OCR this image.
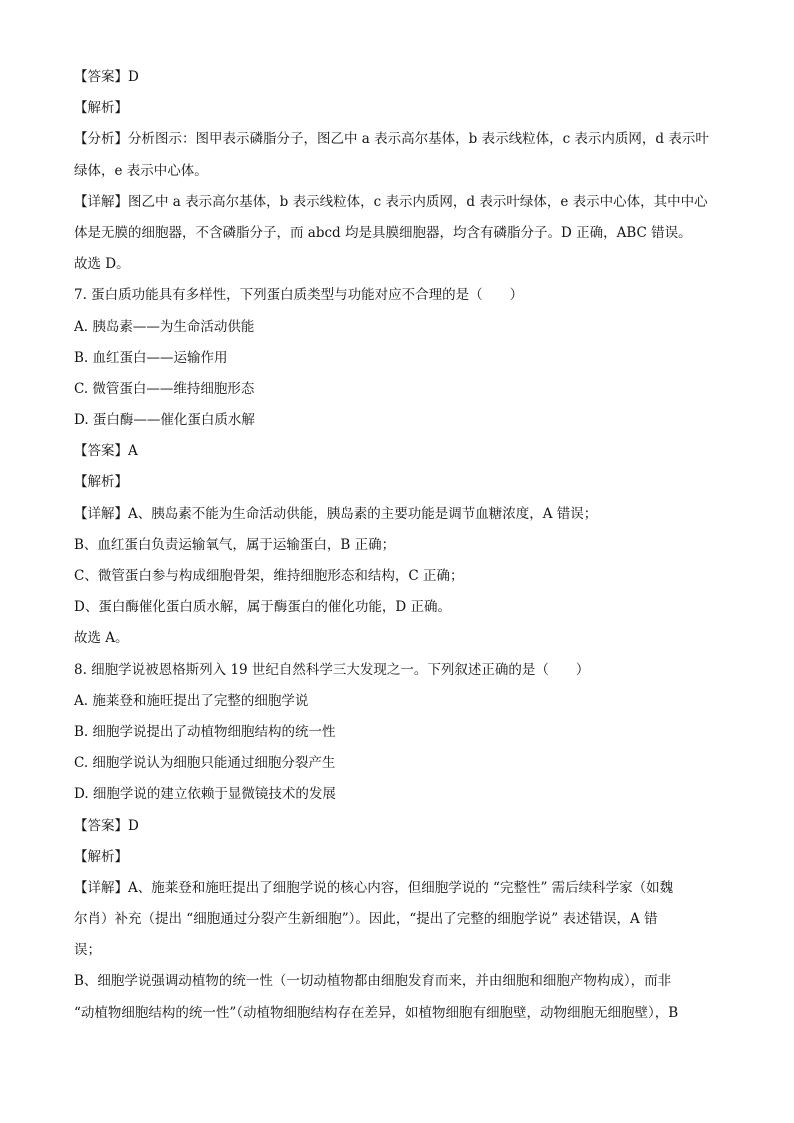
【答案】D
【解析】
【分析】分析图示：图甲表示磷脂分子，图乙中 a 表示高尔基体，b 表示线粒体，c 表示内质网，d 表示叶
绿体，e 表示中心体。
【详解】图乙中 a 表示高尔基体，b 表示线粒体，c 表示内质网，d 表示叶绿体，e 表示中心体，其中中心
体是无膜的细胞器，不含磷脂分子，而 abcd 均是具膜细胞器，均含有磷脂分子。D 正确，ABC 错误。
故选 D。
7. 蛋白质功能具有多样性，下列蛋白质类型与功能对应不合理的是（　　）
A. 胰岛素——为生命活动供能
B. 血红蛋白——运输作用
C. 微管蛋白——维持细胞形态
D. 蛋白酶——催化蛋白质水解
【答案】A
【解析】
【详解】A、胰岛素不能为生命活动供能，胰岛素的主要功能是调节血糖浓度，A 错误；
B、血红蛋白负责运输氧气，属于运输蛋白，B 正确；
C、微管蛋白参与构成细胞骨架，维持细胞形态和结构，C 正确；
D、蛋白酶催化蛋白质水解，属于酶蛋白的催化功能，D 正确。
故选 A。
8. 细胞学说被恩格斯列入 19 世纪自然科学三大发现之一。下列叙述正确的是（　　）
A. 施莱登和施旺提出了完整的细胞学说
B. 细胞学说提出了动植物细胞结构的统一性
C. 细胞学说认为细胞只能通过细胞分裂产生
D. 细胞学说的建立依赖于显微镜技术的发展
【答案】D
【解析】
【详解】A、施莱登和施旺提出了细胞学说的核心内容，但细胞学说的 “完整性” 需后续科学家（如魏
尔肖）补充（提出 “细胞通过分裂产生新细胞”）。因此，“提出了完整的细胞学说” 表述错误，A 错
误；
B、细胞学说强调动植物的统一性（一切动植物都由细胞发育而来，并由细胞和细胞产物构成），而非
“动植物细胞结构的统一性”（动植物细胞结构存在差异，如植物细胞有细胞壁，动物细胞无细胞壁），B
